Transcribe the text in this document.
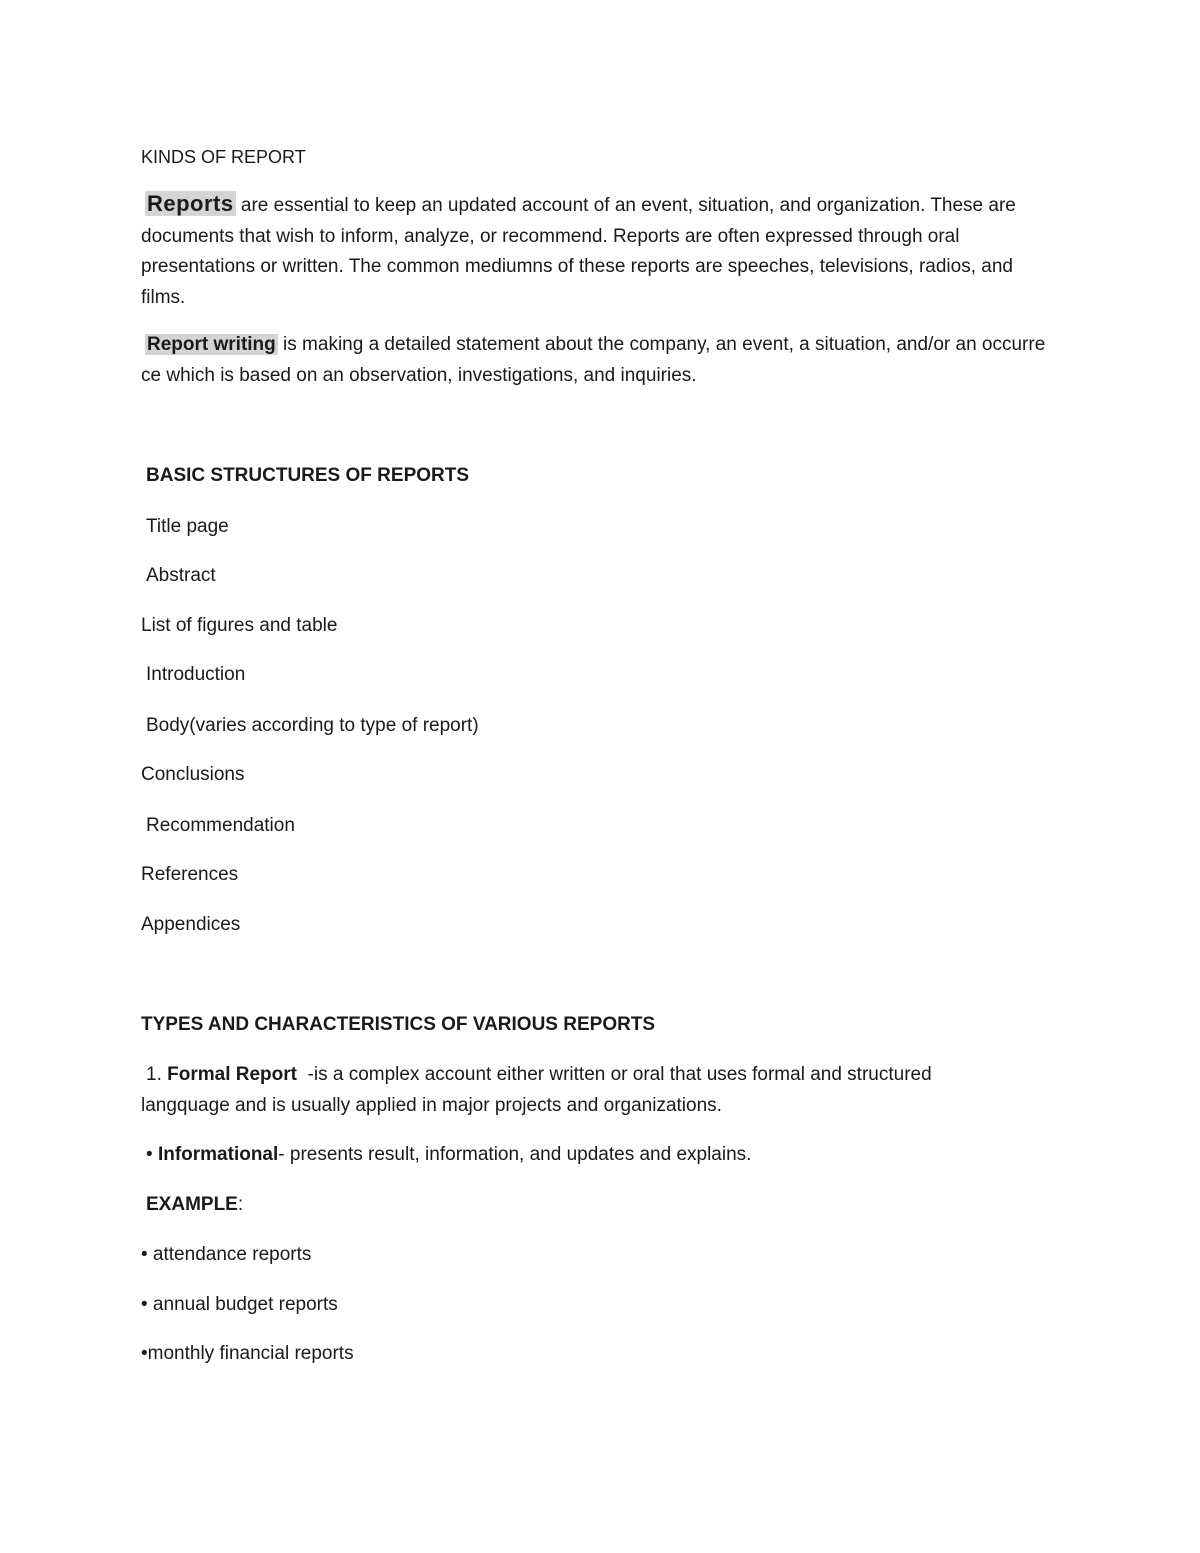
KINDS OF REPORT
Reports are essential to keep an updated account of an event, situation, and organization. These are documents that wish to inform, analyze, or recommend. Reports are often expressed through oral presentations or written. The common mediumns of these reports are speeches, televisions, radios, and films.
Report writing is making a detailed statement about the company, an event, a situation, and/or an occurre ce which is based on an observation, investigations, and inquiries.
BASIC STRUCTURES OF REPORTS
Title page
Abstract
List of figures and table
Introduction
Body(varies according to type of report)
Conclusions
Recommendation
References
Appendices
TYPES AND CHARACTERISTICS OF VARIOUS REPORTS
1. Formal Report  -is a complex account either written or oral that uses formal and structured
langquage and is usually applied in major projects and organizations.
• Informational- presents result, information, and updates and explains.
EXAMPLE:
• attendance reports
• annual budget reports
•monthly financial reports
